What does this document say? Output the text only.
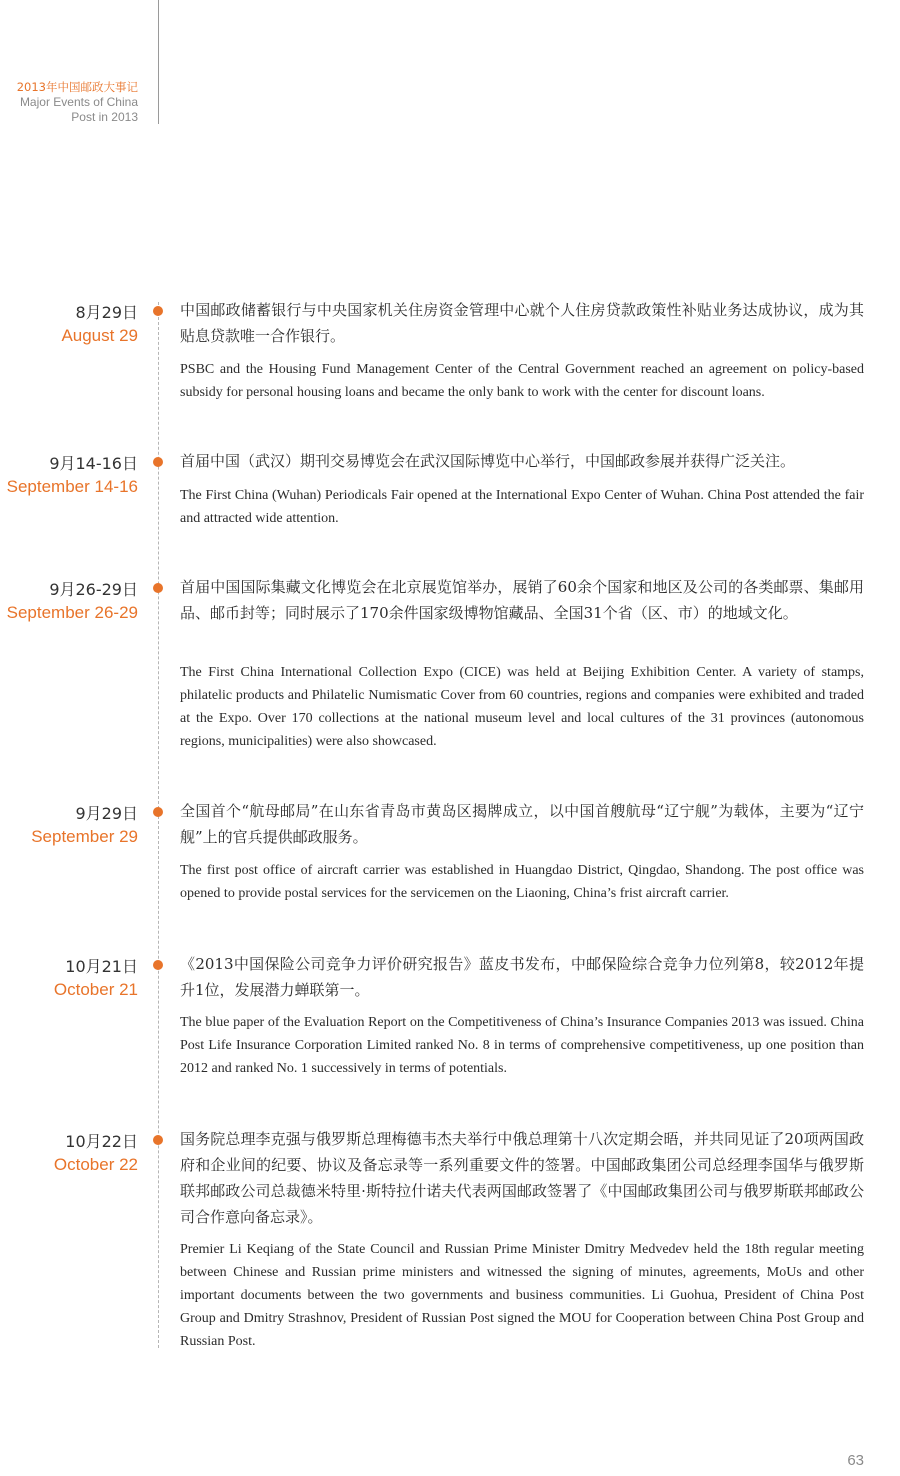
2013年中国邮政大事记
Major Events of China
Post in 2013
8月29日
August 29

中国邮政储蓄银行与中央国家机关住房资金管理中心就个人住房贷款政策性补贴业务达成协议，成为其贴息贷款唯一合作银行。

PSBC and the Housing Fund Management Center of the Central Government reached an agreement on policy-based subsidy for personal housing loans and became the only bank to work with the center for discount loans.

9月14-16日
September 14-16

首届中国（武汉）期刊交易博览会在武汉国际博览中心举行，中国邮政参展并获得广泛关注。

The First China (Wuhan) Periodicals Fair opened at the International Expo Center of Wuhan. China Post attended the fair and attracted wide attention.

9月26-29日
September 26-29

首届中国国际集藏文化博览会在北京展览馆举办，展销了60余个国家和地区及公司的各类邮票、集邮用品、邮币封等；同时展示了170余件国家级博物馆藏品、全国31个省（区、市）的地域文化。

The First China International Collection Expo (CICE) was held at Beijing Exhibition Center. A variety of stamps, philatelic products and Philatelic Numismatic Cover from 60 countries, regions and companies were exhibited and traded at the Expo. Over 170 collections at the national museum level and local cultures of the 31 provinces (autonomous regions, municipalities) were also showcased.

9月29日
September 29

全国首个“航母邮局”在山东省青岛市黄岛区揭牌成立，以中国首艘航母“辽宁舰”为载体，主要为“辽宁舰”上的官兵提供邮政服务。

The first post office of aircraft carrier was established in Huangdao District, Qingdao, Shandong. The post office was opened to provide postal services for the servicemen on the Liaoning, China’s frist aircraft carrier.

10月21日
October 21

《2013中国保险公司竞争力评价研究报告》蓝皮书发布，中邮保险综合竞争力位列第8，较2012年提升1位，发展潜力蝉联第一。

The blue paper of the Evaluation Report on the Competitiveness of China’s Insurance Companies 2013 was issued. China Post Life Insurance Corporation Limited ranked No. 8 in terms of comprehensive competitiveness, up one position than 2012 and ranked No. 1 successively in terms of potentials.

10月22日
October 22

国务院总理李克强与俄罗斯总理梅德韦杰夫举行中俄总理第十八次定期会晤，并共同见证了20项两国政府和企业间的纪要、协议及备忘录等一系列重要文件的签署。中国邮政集团公司总经理李国华与俄罗斯联邦邮政公司总裁德米特里·斯特拉什诺夫代表两国邮政签署了《中国邮政集团公司与俄罗斯联邦邮政公司合作意向备忘录》。

Premier Li Keqiang of the State Council and Russian Prime Minister Dmitry Medvedev held the 18th regular meeting between Chinese and Russian prime ministers and witnessed the signing of minutes, agreements, MoUs and other important documents between the two governments and business communities. Li Guohua, President of China Post Group and Dmitry Strashnov, President of Russian Post signed the MOU for Cooperation between China Post Group and Russian Post.

63
